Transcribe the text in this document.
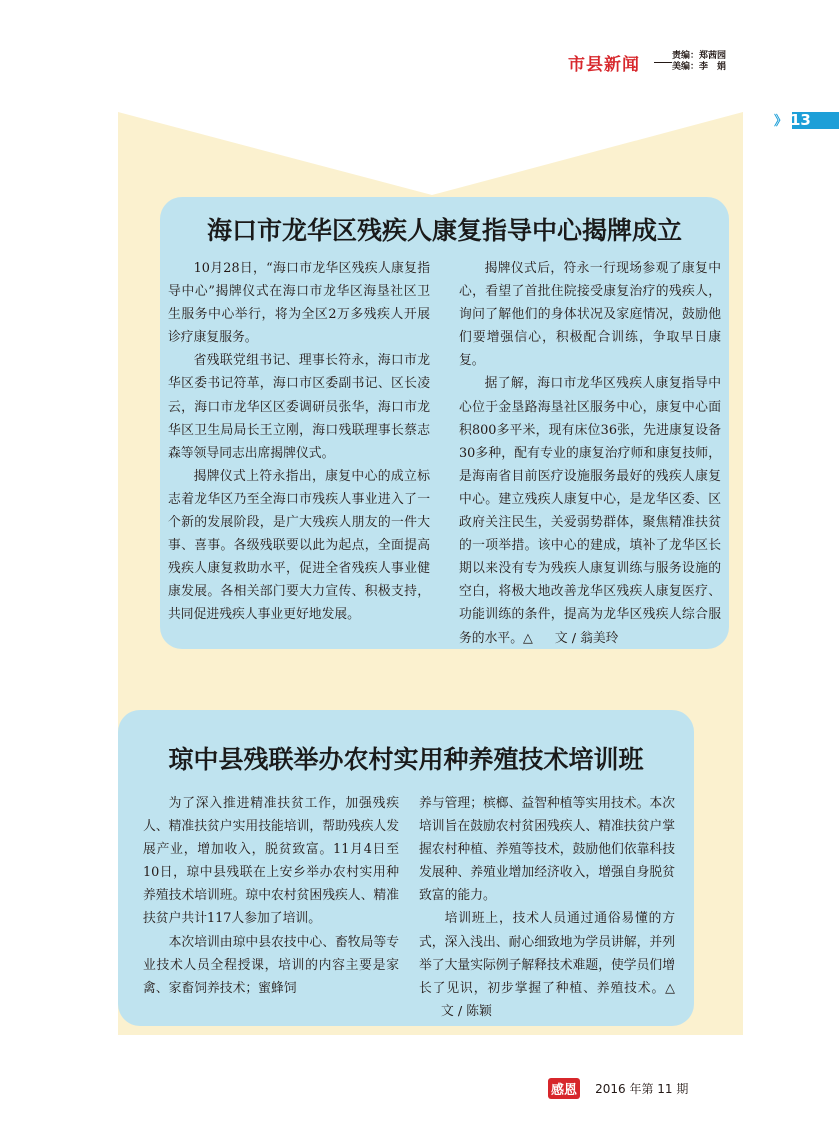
市县新闻	责编：郑茜园
美编：李　娟
》 13
海口市龙华区残疾人康复指导中心揭牌成立

10月28日，“海口市龙华区残疾人康复指导中心”揭牌仪式在海口市龙华区海垦社区卫生服务中心举行，将为全区2万多残疾人开展诊疗康复服务。

省残联党组书记、理事长符永，海口市龙华区委书记符革，海口市区委副书记、区长凌云，海口市龙华区区委调研员张华，海口市龙华区卫生局局长王立刚，海口残联理事长蔡志森等领导同志出席揭牌仪式。

揭牌仪式上符永指出，康复中心的成立标志着龙华区乃至全海口市残疾人事业进入了一个新的发展阶段，是广大残疾人朋友的一件大事、喜事。各级残联要以此为起点，全面提高残疾人康复救助水平，促进全省残疾人事业健康发展。各相关部门要大力宣传、积极支持，共同促进残疾人事业更好地发展。

揭牌仪式后，符永一行现场参观了康复中心，看望了首批住院接受康复治疗的残疾人，询问了解他们的身体状况及家庭情况，鼓励他们要增强信心，积极配合训练，争取早日康复。

据了解，海口市龙华区残疾人康复指导中心位于金垦路海垦社区服务中心，康复中心面积800多平米，现有床位36张，先进康复设备30多种，配有专业的康复治疗师和康复技师，是海南省目前医疗设施服务最好的残疾人康复中心。建立残疾人康复中心，是龙华区委、区政府关注民生，关爱弱势群体，聚焦精准扶贫的一项举措。该中心的建成，填补了龙华区长期以来没有专为残疾人康复训练与服务设施的空白，将极大地改善龙华区残疾人康复医疗、功能训练的条件，提高为龙华区残疾人综合服务的水平。△ 文 / 翁美玲

琼中县残联举办农村实用种养殖技术培训班

为了深入推进精准扶贫工作，加强残疾人、精准扶贫户实用技能培训，帮助残疾人发展产业，增加收入，脱贫致富。11月4日至10日，琼中县残联在上安乡举办农村实用种养殖技术培训班。琼中农村贫困残疾人、精准扶贫户共计117人参加了培训。

本次培训由琼中县农技中心、畜牧局等专业技术人员全程授课，培训的内容主要是家禽、家畜饲养技术；蜜蜂饲

养与管理；槟榔、益智种植等实用技术。本次培训旨在鼓励农村贫困残疾人、精准扶贫户掌握农村种植、养殖等技术，鼓励他们依靠科技发展种、养殖业增加经济收入，增强自身脱贫致富的能力。

培训班上，技术人员通过通俗易懂的方式，深入浅出、耐心细致地为学员讲解，并列举了大量实际例子解释技术难题，使学员们增长了见识，初步掌握了种植、养殖技术。△文 / 陈颖

感恩 2016 年第 11 期
